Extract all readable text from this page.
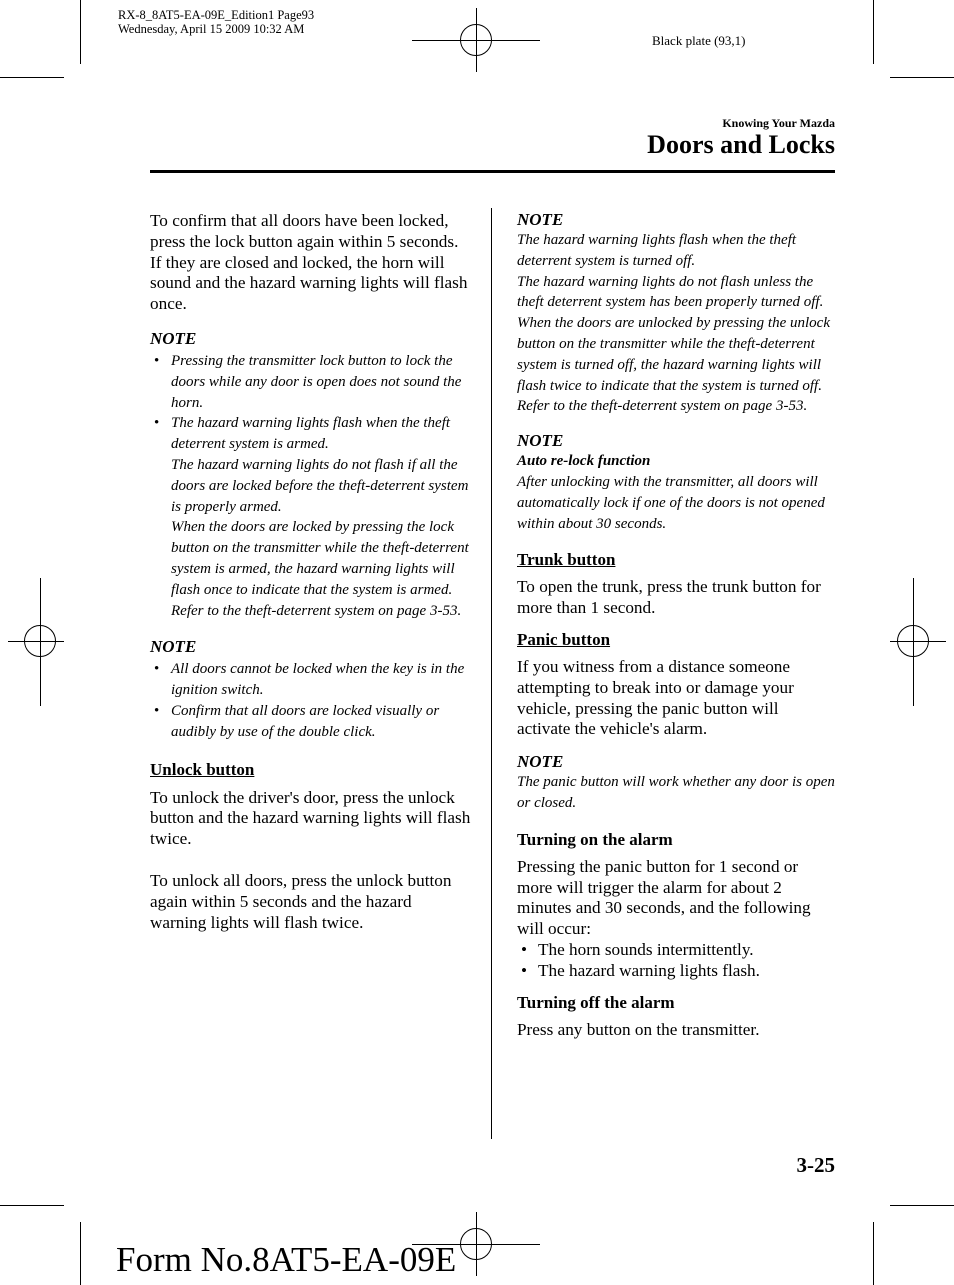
RX-8_8AT5-EA-09E_Edition1 Page93
Wednesday, April 15 2009 10:32 AM
Black plate (93,1)
Knowing Your Mazda
Doors and Locks

To confirm that all doors have been locked, press the lock button again within 5 seconds. If they are closed and locked, the horn will sound and the hazard warning lights will flash once.

NOTE

• Pressing the transmitter lock button to lock the doors while any door is open does not sound the horn.
• The hazard warning lights flash when the theft deterrent system is armed.
The hazard warning lights do not flash if all the doors are locked before the theft-deterrent system is properly armed.
When the doors are locked by pressing the lock button on the transmitter while the theft-deterrent system is armed, the hazard warning lights will flash once to indicate that the system is armed.
Refer to the theft-deterrent system on page 3-53.

NOTE

• All doors cannot be locked when the key is in the ignition switch.
• Confirm that all doors are locked visually or audibly by use of the double click.

Unlock button

To unlock the driver's door, press the unlock button and the hazard warning lights will flash twice.

To unlock all doors, press the unlock button again within 5 seconds and the hazard warning lights will flash twice.

NOTE

The hazard warning lights flash when the theft deterrent system is turned off.

The hazard warning lights do not flash unless the theft deterrent system has been properly turned off.

When the doors are unlocked by pressing the unlock button on the transmitter while the theft-deterrent system is turned off, the hazard warning lights will flash twice to indicate that the system is turned off.

Refer to the theft-deterrent system on page 3-53.

NOTE

Auto re-lock function

After unlocking with the transmitter, all doors will automatically lock if one of the doors is not opened within about 30 seconds.

Trunk button

To open the trunk, press the trunk button for more than 1 second.

Panic button

If you witness from a distance someone attempting to break into or damage your vehicle, pressing the panic button will activate the vehicle's alarm.

NOTE

The panic button will work whether any door is open or closed.

Turning on the alarm

Pressing the panic button for 1 second or more will trigger the alarm for about 2 minutes and 30 seconds, and the following will occur:

• The horn sounds intermittently.
• The hazard warning lights flash.

Turning off the alarm

Press any button on the transmitter.

3-25
Form No.8AT5-EA-09E
